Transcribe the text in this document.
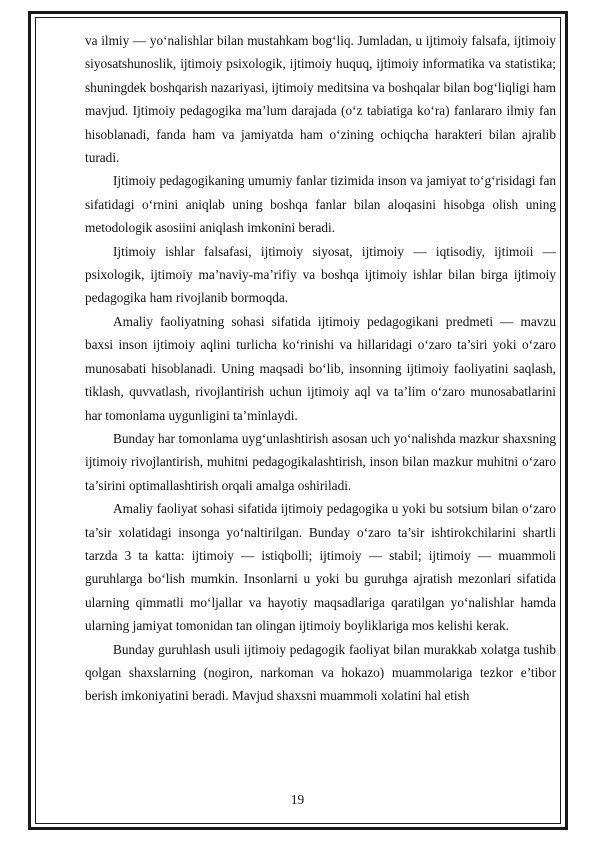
va ilmiy — yo‘nalishlar bilan mustahkam bog‘liq. Jumladan, u ijtimoiy falsafa, ijtimoiy siyosatshunoslik, ijtimoiy psixologik, ijtimoiy huquq, ijtimoiy informatika va statistika; shuningdek boshqarish nazariyasi, ijtimoiy meditsina va boshqalar bilan bog‘liqligi ham mavjud. Ijtimoiy pedagogika ma’lum darajada (o‘z tabiatiga ko‘ra) fanlararo ilmiy fan hisoblanadi, fanda ham va jamiyatda ham o‘zining ochiqcha harakteri bilan ajralib turadi.

Ijtimoiy pedagogikaning umumiy fanlar tizimida inson va jamiyat to‘g‘risidagi fan sifatidagi o‘rnini aniqlab uning boshqa fanlar bilan aloqasini hisobga olish uning metodologik asosiini aniqlash imkonini beradi.

Ijtimoiy ishlar falsafasi, ijtimoiy siyosat, ijtimoiy — iqtisodiy, ijtimoii — psixologik, ijtimoiy ma’naviy-ma’rifiy va boshqa ijtimoiy ishlar bilan birga ijtimoiy pedagogika ham rivojlanib bormoqda.

Amaliy faoliyatning sohasi sifatida ijtimoiy pedagogikani predmeti — mavzu baxsi inson ijtimoiy aqlini turlicha ko‘rinishi va hillaridagi o‘zaro ta’siri yoki o‘zaro munosabati hisoblanadi. Uning maqsadi bo‘lib, insonning ijtimoiy faoliyatini saqlash, tiklash, quvvatlash, rivojlantirish uchun ijtimoiy aql va ta’lim o‘zaro munosabatlarini har tomonlama uygunligini ta’minlaydi.

Bunday har tomonlama uyg‘unlashtirish asosan uch yo‘nalishda mazkur shaxsning ijtimoiy rivojlantirish, muhitni pedagogikalashtirish, inson bilan mazkur muhitni o‘zaro ta’sirini optimallashtirish orqali amalga oshiriladi.

Amaliy faoliyat sohasi sifatida ijtimoiy pedagogika u yoki bu sotsium bilan o‘zaro ta’sir xolatidagi insonga yo‘naltirilgan. Bunday o‘zaro ta’sir ishtirokchilarini shartli tarzda 3 ta katta: ijtimoiy — istiqbolli; ijtimoiy — stabil; ijtimoiy — muammoli guruhlarga bo‘lish mumkin. Insonlarni u yoki bu guruhga ajratish mezonlari sifatida ularning qimmatli mo‘ljallar va hayotiy maqsadlariga qaratilgan yo‘nalishlar hamda ularning jamiyat tomonidan tan olingan ijtimoiy boyliklariga mos kelishi kerak.

Bunday guruhlash usuli ijtimoiy pedagogik faoliyat bilan murakkab xolatga tushib qolgan shaxslarning (nogiron, narkoman va hokazo) muammolariga tezkor e’tibor berish imkoniyatini beradi. Mavjud shaxsni muammoli xolatini hal etish

19
